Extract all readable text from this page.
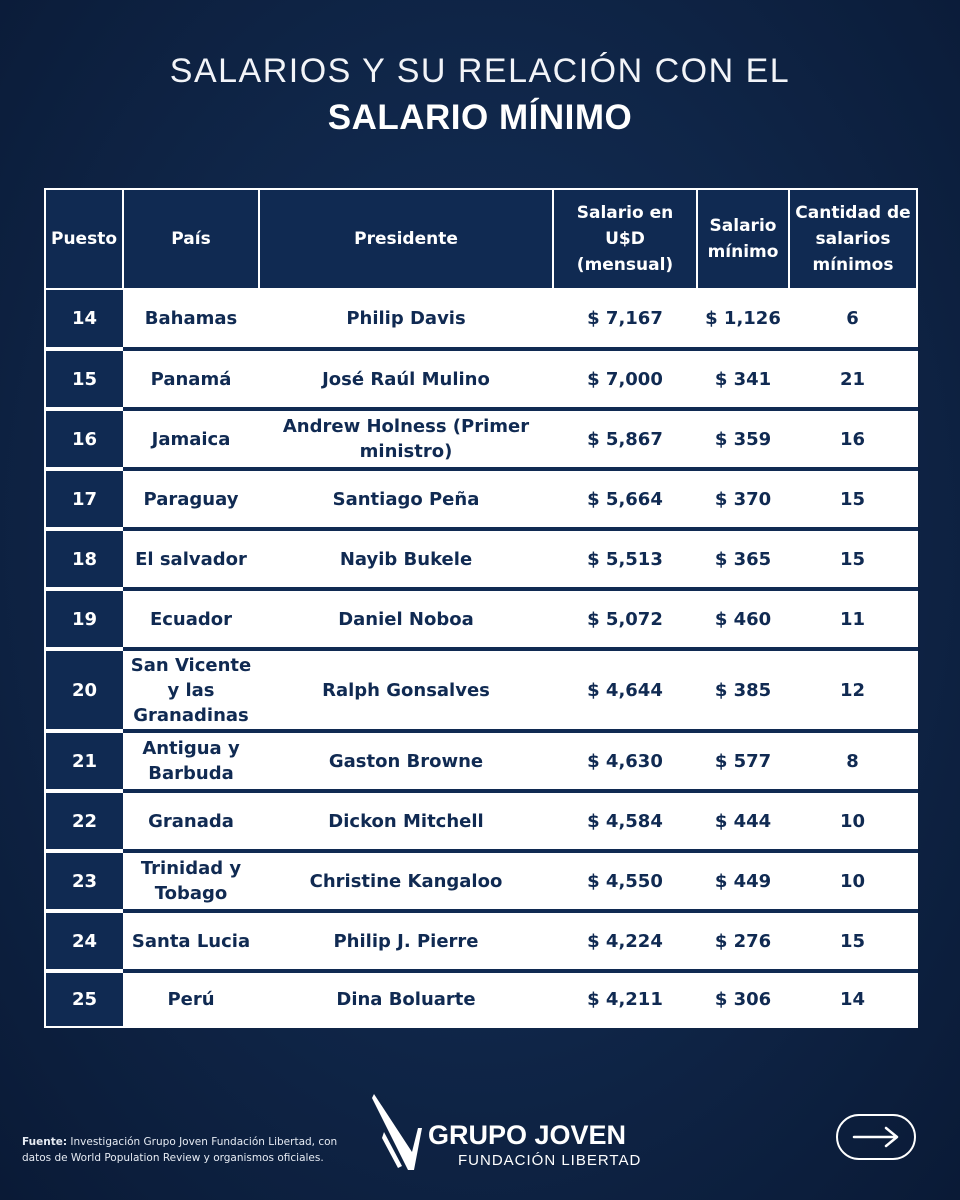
SALARIOS Y SU RELACIÓN CON EL
SALARIO MÍNIMO
Puesto	País	Presidente	Salario en U$D (mensual)	Salario mínimo	Cantidad de salarios mínimos
14	Bahamas	Philip Davis	$ 7,167	$ 1,126	6
15	Panamá	José Raúl Mulino	$ 7,000	$ 341	21
16	Jamaica	Andrew Holness (Primer ministro)	$ 5,867	$ 359	16
17	Paraguay	Santiago Peña	$ 5,664	$ 370	15
18	El salvador	Nayib Bukele	$ 5,513	$ 365	15
19	Ecuador	Daniel Noboa	$ 5,072	$ 460	11
20	San Vicente y las Granadinas	Ralph Gonsalves	$ 4,644	$ 385	12
21	Antigua y Barbuda	Gaston Browne	$ 4,630	$ 577	8
22	Granada	Dickon Mitchell	$ 4,584	$ 444	10
23	Trinidad y Tobago	Christine Kangaloo	$ 4,550	$ 449	10
24	Santa Lucia	Philip J. Pierre	$ 4,224	$ 276	15
25	Perú	Dina Boluarte	$ 4,211	$ 306	14
Fuente: Investigación Grupo Joven Fundación Libertad, con datos de World Population Review y organismos oficiales.
GRUPO JOVEN
FUNDACIÓN LIBERTAD
